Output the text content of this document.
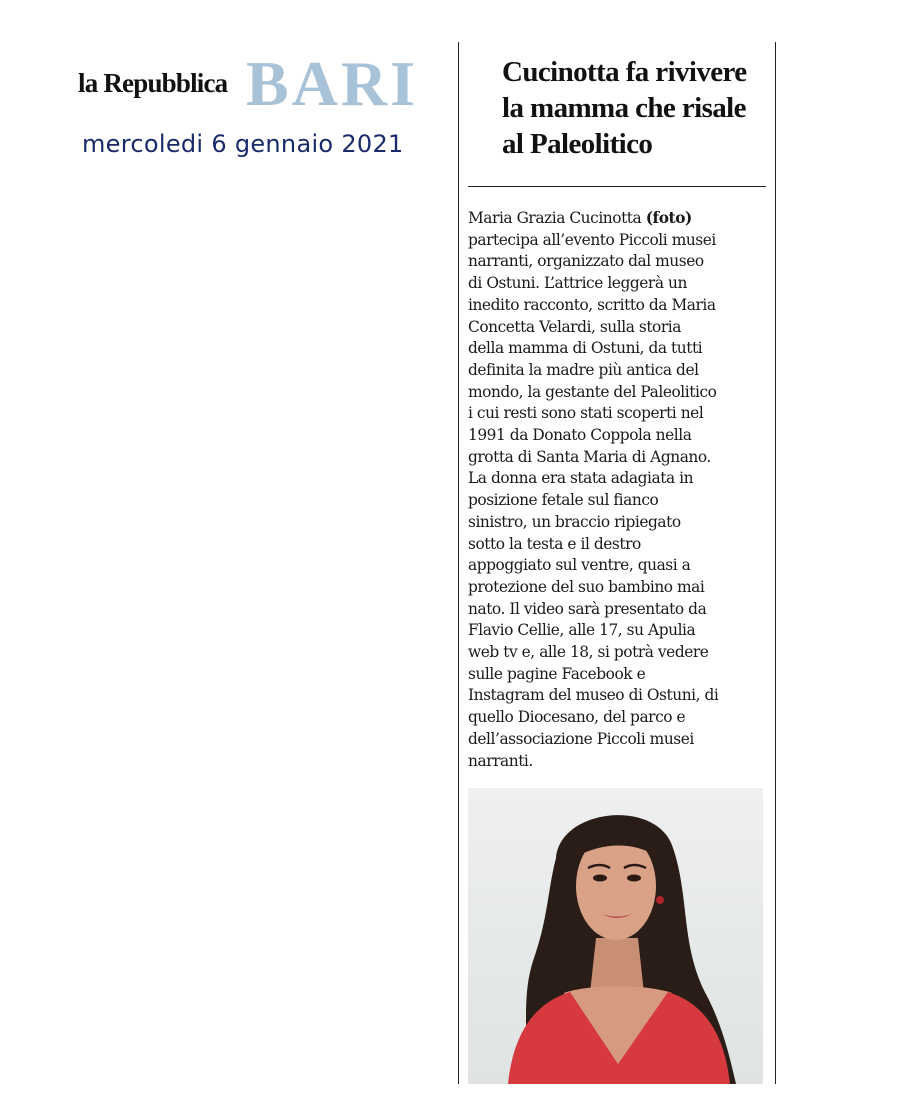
la Repubblica BARI
mercoledi 6 gennaio 2021
Cucinotta fa rivivere
la mamma che risale
al Paleolitico
Maria Grazia Cucinotta (foto)
partecipa all’evento Piccoli musei
narranti, organizzato dal museo
di Ostuni. L’attrice leggerà un
inedito racconto, scritto da Maria
Concetta Velardi, sulla storia
della mamma di Ostuni, da tutti
definita la madre più antica del
mondo, la gestante del Paleolitico
i cui resti sono stati scoperti nel
1991 da Donato Coppola nella
grotta di Santa Maria di Agnano.
La donna era stata adagiata in
posizione fetale sul fianco
sinistro, un braccio ripiegato
sotto la testa e il destro
appoggiato sul ventre, quasi a
protezione del suo bambino mai
nato. Il video sarà presentato da
Flavio Cellie, alle 17, su Apulia
web tv e, alle 18, si potrà vedere
sulle pagine Facebook e
Instagram del museo di Ostuni, di
quello Diocesano, del parco e
dell’associazione Piccoli musei
narranti.
